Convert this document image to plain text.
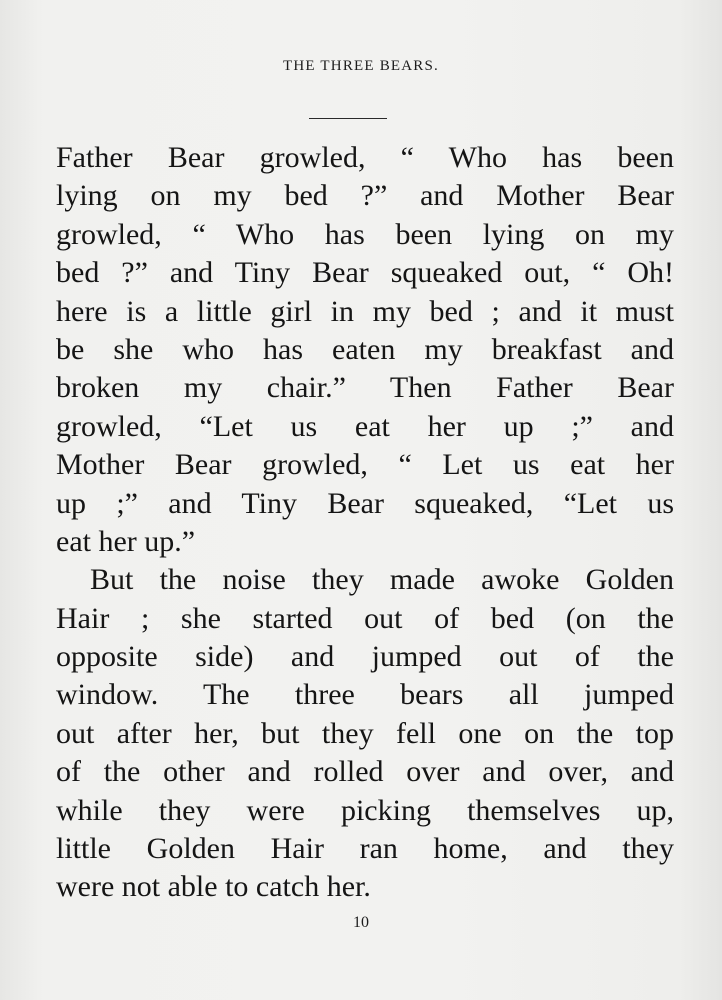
THE THREE BEARS.
Father Bear growled, “ Who has been
lying on my bed ?” and Mother Bear
growled, “ Who has been lying on my
bed ?” and Tiny Bear squeaked out, “ Oh!
here is a little girl in my bed ; and it must
be she who has eaten my breakfast and
broken my chair.” Then Father Bear
growled, “Let us eat her up ;” and
Mother Bear growled, “ Let us eat her
up ;” and Tiny Bear squeaked, “Let us
eat her up.”
But the noise they made awoke Golden
Hair ; she started out of bed (on the
opposite side) and jumped out of the
window. The three bears all jumped
out after her, but they fell one on the top
of the other and rolled over and over, and
while they were picking themselves up,
little Golden Hair ran home, and they
were not able to catch her.
10
